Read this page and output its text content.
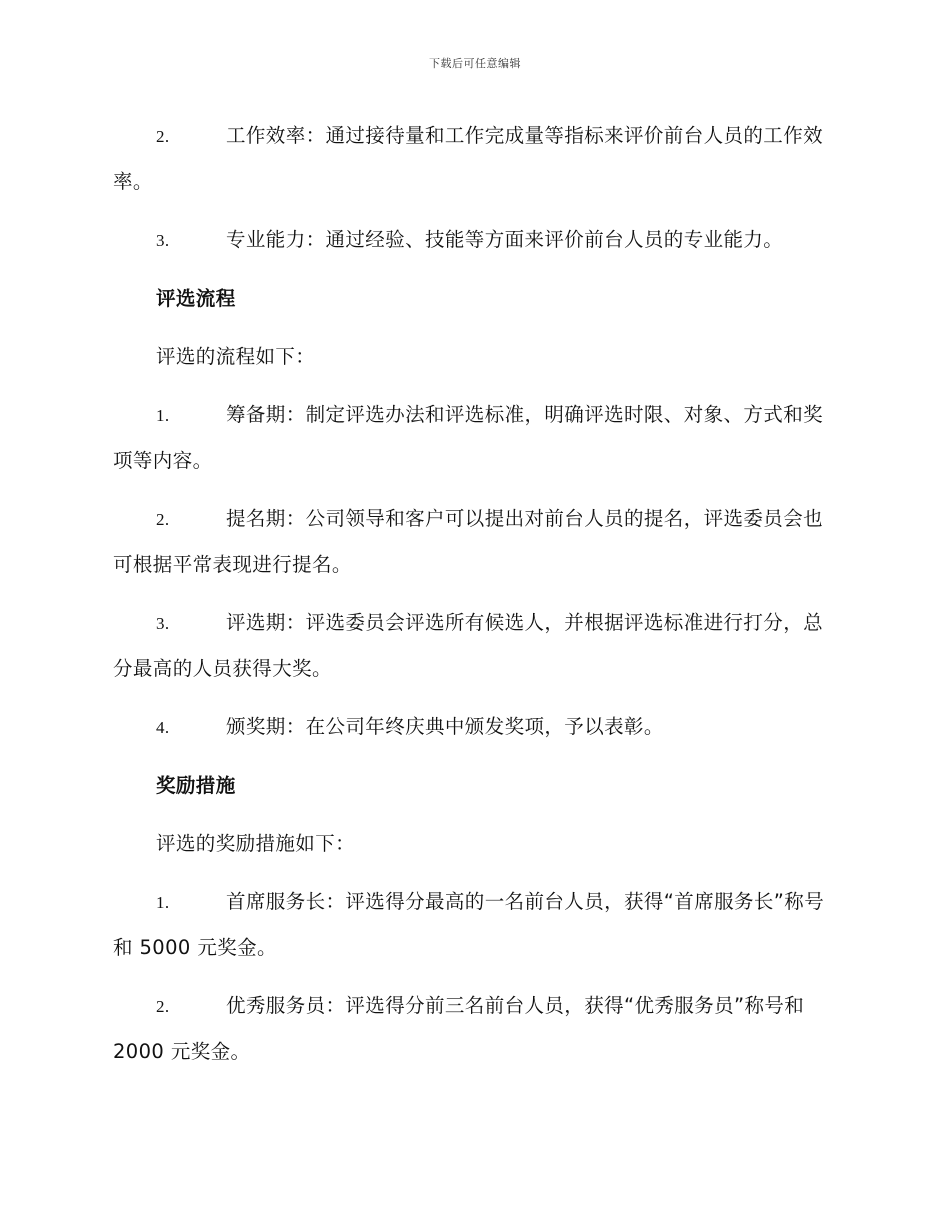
下载后可任意编辑

2.	工作效率：通过接待量和工作完成量等指标来评价前台人员的工作效率。

3.	专业能力：通过经验、技能等方面来评价前台人员的专业能力。

评选流程

评选的流程如下：

1.	筹备期：制定评选办法和评选标准，明确评选时限、对象、方式和奖项等内容。

2.	提名期：公司领导和客户可以提出对前台人员的提名，评选委员会也可根据平常表现进行提名。

3.	评选期：评选委员会评选所有候选人，并根据评选标准进行打分，总分最高的人员获得大奖。

4.	颁奖期：在公司年终庆典中颁发奖项，予以表彰。

奖励措施

评选的奖励措施如下：

1.	首席服务长：评选得分最高的一名前台人员，获得“首席服务长”称号和 5000 元奖金。

2.	优秀服务员：评选得分前三名前台人员，获得“优秀服务员”称号和 2000 元奖金。
